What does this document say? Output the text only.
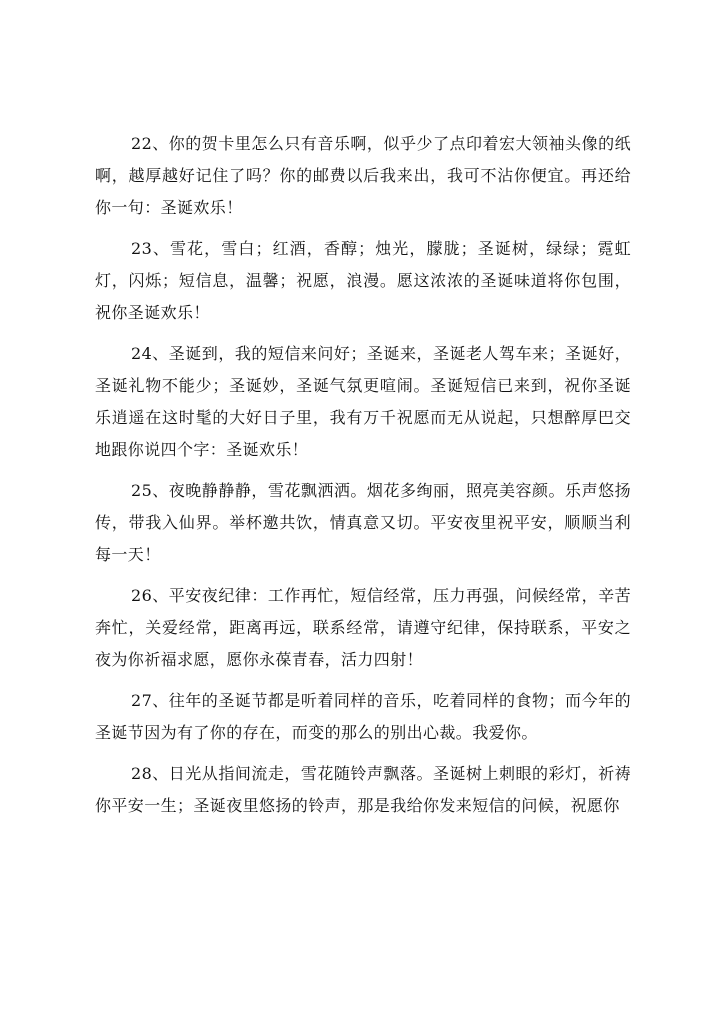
22、你的贺卡里怎么只有音乐啊，似乎少了点印着宏大领袖头像的纸啊，越厚越好记住了吗？你的邮费以后我来出，我可不沾你便宜。再还给你一句：圣诞欢乐！

23、雪花，雪白；红酒，香醇；烛光，朦胧；圣诞树，绿绿；霓虹灯，闪烁；短信息，温馨；祝愿，浪漫。愿这浓浓的圣诞味道将你包围，祝你圣诞欢乐！

24、圣诞到，我的短信来问好；圣诞来，圣诞老人驾车来；圣诞好，圣诞礼物不能少；圣诞妙，圣诞气氛更喧闹。圣诞短信已来到，祝你圣诞乐逍遥在这时髦的大好日子里，我有万千祝愿而无从说起，只想醉厚巴交地跟你说四个字：圣诞欢乐！

25、夜晚静静静，雪花飘洒洒。烟花多绚丽，照亮美容颜。乐声悠扬传，带我入仙界。举杯邀共饮，情真意又切。平安夜里祝平安，顺顺当利每一天！

26、平安夜纪律：工作再忙，短信经常，压力再强，问候经常，辛苦奔忙，关爱经常，距离再远，联系经常，请遵守纪律，保持联系，平安之夜为你祈福求愿，愿你永葆青春，活力四射！

27、往年的圣诞节都是听着同样的音乐，吃着同样的食物；而今年的圣诞节因为有了你的存在，而变的那么的别出心裁。我爱你。

28、日光从指间流走，雪花随铃声飘落。圣诞树上刺眼的彩灯，祈祷你平安一生；圣诞夜里悠扬的铃声，那是我给你发来短信的问候，祝愿你
